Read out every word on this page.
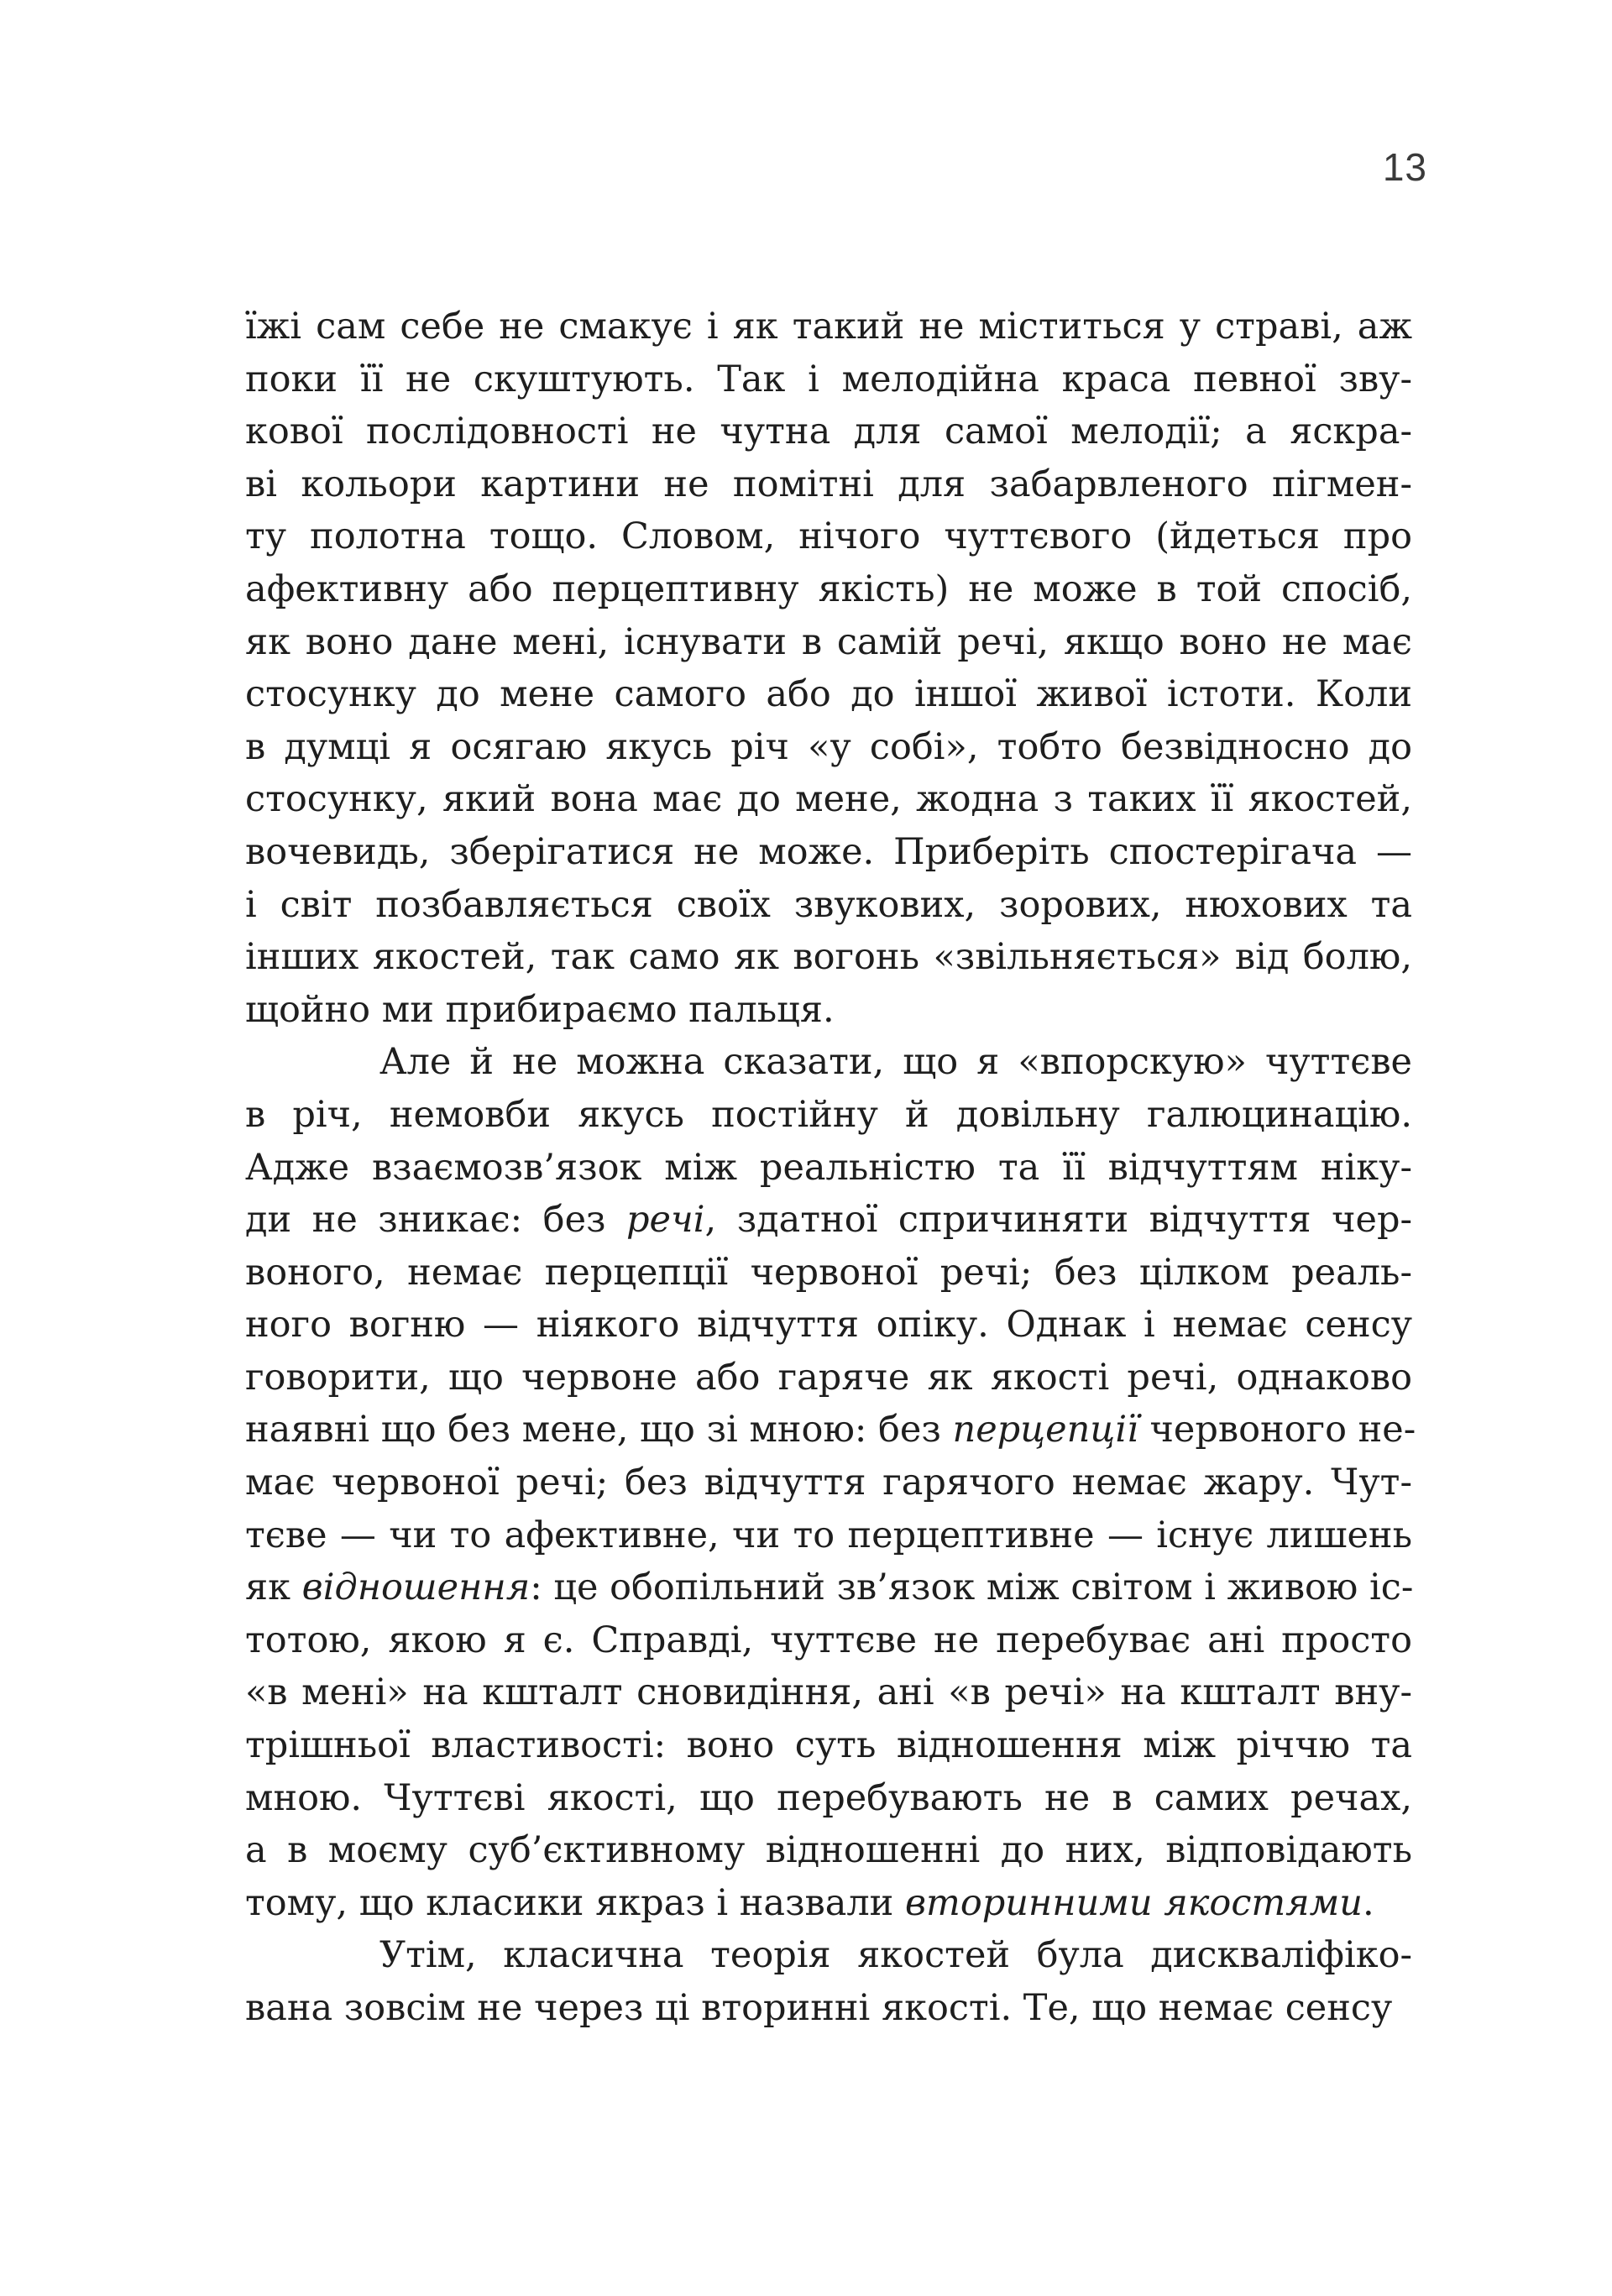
13
їжі сам себе не смакує і як такий не міститься у страві, аж
поки її не скуштують. Так і мелодійна краса певної зву-
кової послідовності не чутна для самої мелодії; а яскра-
ві кольори картини не помітні для забарвленого пігмен-
ту полотна тощо. Словом, нічого чуттєвого (йдеться про
афективну або перцептивну якість) не може в той спосіб,
як воно дане мені, існувати в самій речі, якщо воно не має
стосунку до мене самого або до іншої живої істоти. Коли
в думці я осягаю якусь річ «у собі», тобто безвідносно до
стосунку, який вона має до мене, жодна з таких її якостей,
вочевидь, зберігатися не може. Приберіть спостерігача —
і світ позбавляється своїх звукових, зорових, нюхових та
інших якостей, так само як вогонь «звільняється» від болю,
щойно ми прибираємо пальця.
Але й не можна сказати, що я «впорскую» чуттєве
в річ, немовби якусь постійну й довільну галюцинацію.
Адже взаємозв’язок між реальністю та її відчуттям ніку-
ди не зникає: без речі, здатної спричиняти відчуття чер-
воного, немає перцепції червоної речі; без цілком реаль-
ного вогню — ніякого відчуття опіку. Однак і немає сенсу
говорити, що червоне або гаряче як якості речі, однаково
наявні що без мене, що зі мною: без перцепції червоного не-
має червоної речі; без відчуття гарячого немає жару. Чут-
тєве — чи то афективне, чи то перцептивне — існує лишень
як відношення: це обопільний зв’язок між світом і живою іс-
тотою, якою я є. Справді, чуттєве не перебуває ані просто
«в мені» на кшталт сновидіння, ані «в речі» на кшталт вну-
трішньої властивості: воно суть відношення між річчю та
мною. Чуттєві якості, що перебувають не в самих речах,
а в моєму суб’єктивному відношенні до них, відповідають
тому, що класики якраз і назвали вторинними якостями.
Утім, класична теорія якостей була дискваліфіко-
вана зовсім не через ці вторинні якості. Те, що немає сенсу
